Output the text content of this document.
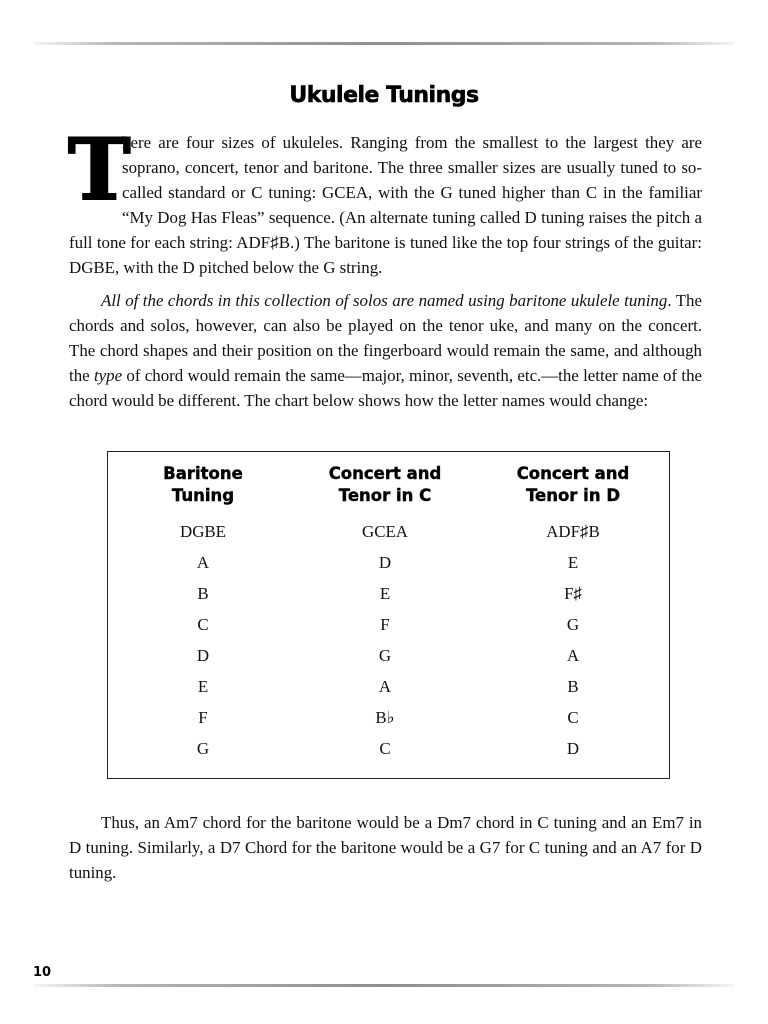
Ukulele Tunings

T
here are four sizes of ukuleles. Ranging from the smallest to the largest they are soprano, concert, tenor and baritone. The three smaller sizes are usually tuned to so-called standard or C tuning: GCEA, with the G tuned higher than C in the familiar “My Dog Has Fleas” sequence. (An alternate tuning called D tuning raises the pitch a full tone for each string: ADF♯B.) The baritone is tuned like the top four strings of the guitar: DGBE, with the D pitched below the G string.

All of the chords in this collection of solos are named using baritone ukulele tuning. The chords and solos, however, can also be played on the tenor uke, and many on the concert. The chord shapes and their position on the fingerboard would remain the same, and although the type of chord would remain the same—major, minor, seventh, etc.—the letter name of the chord would be different. The chart below shows how the letter names would change:

Baritone
Tuning
DGBE
A
B
C
D
E
F
G
Concert and
Tenor in C
GCEA
D
E
F
G
A
B♭
C
Concert and
Tenor in D
ADF♯B
E
F♯
G
A
B
C
D

Thus, an Am7 chord for the baritone would be a Dm7 chord in C tuning and an Em7 in D tuning. Similarly, a D7 Chord for the baritone would be a G7 for C tuning and an A7 for D tuning.

10
